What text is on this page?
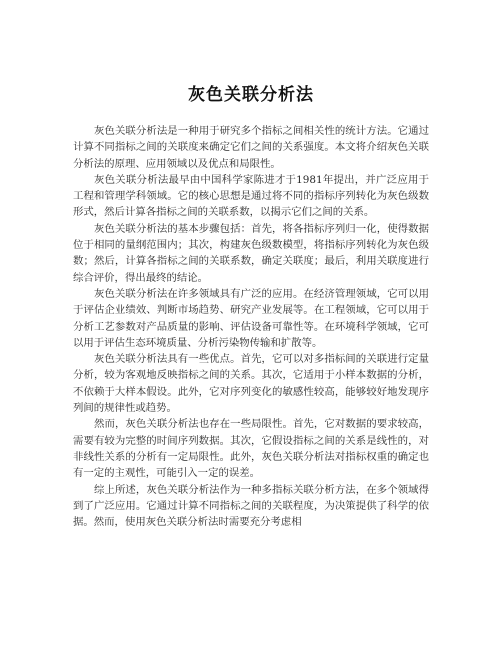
灰色关联分析法

灰色关联分析法是一种用于研究多个指标之间相关性的统计方法。它通过计算不同指标之间的关联度来确定它们之间的关系强度。本文将介绍灰色关联分析法的原理、应用领域以及优点和局限性。

灰色关联分析法最早由中国科学家陈进才于1981年提出，并广泛应用于工程和管理学科领域。它的核心思想是通过将不同的指标序列转化为灰色级数形式，然后计算各指标之间的关联系数，以揭示它们之间的关系。

灰色关联分析法的基本步骤包括：首先，将各指标序列归一化，使得数据位于相同的量纲范围内；其次，构建灰色级数模型，将指标序列转化为灰色级数；然后，计算各指标之间的关联系数，确定关联度；最后，利用关联度进行综合评价，得出最终的结论。

灰色关联分析法在许多领域具有广泛的应用。在经济管理领域，它可以用于评估企业绩效、判断市场趋势、研究产业发展等。在工程领域，它可以用于分析工艺参数对产品质量的影响、评估设备可靠性等。在环境科学领域，它可以用于评估生态环境质量、分析污染物传输和扩散等。

灰色关联分析法具有一些优点。首先，它可以对多指标间的关联进行定量分析，较为客观地反映指标之间的关系。其次，它适用于小样本数据的分析，不依赖于大样本假设。此外，它对序列变化的敏感性较高，能够较好地发现序列间的规律性或趋势。

然而，灰色关联分析法也存在一些局限性。首先，它对数据的要求较高，需要有较为完整的时间序列数据。其次，它假设指标之间的关系是线性的，对非线性关系的分析有一定局限性。此外，灰色关联分析法对指标权重的确定也有一定的主观性，可能引入一定的误差。

综上所述，灰色关联分析法作为一种多指标关联分析方法，在多个领域得到了广泛应用。它通过计算不同指标之间的关联程度，为决策提供了科学的依据。然而，使用灰色关联分析法时需要充分考虑相
